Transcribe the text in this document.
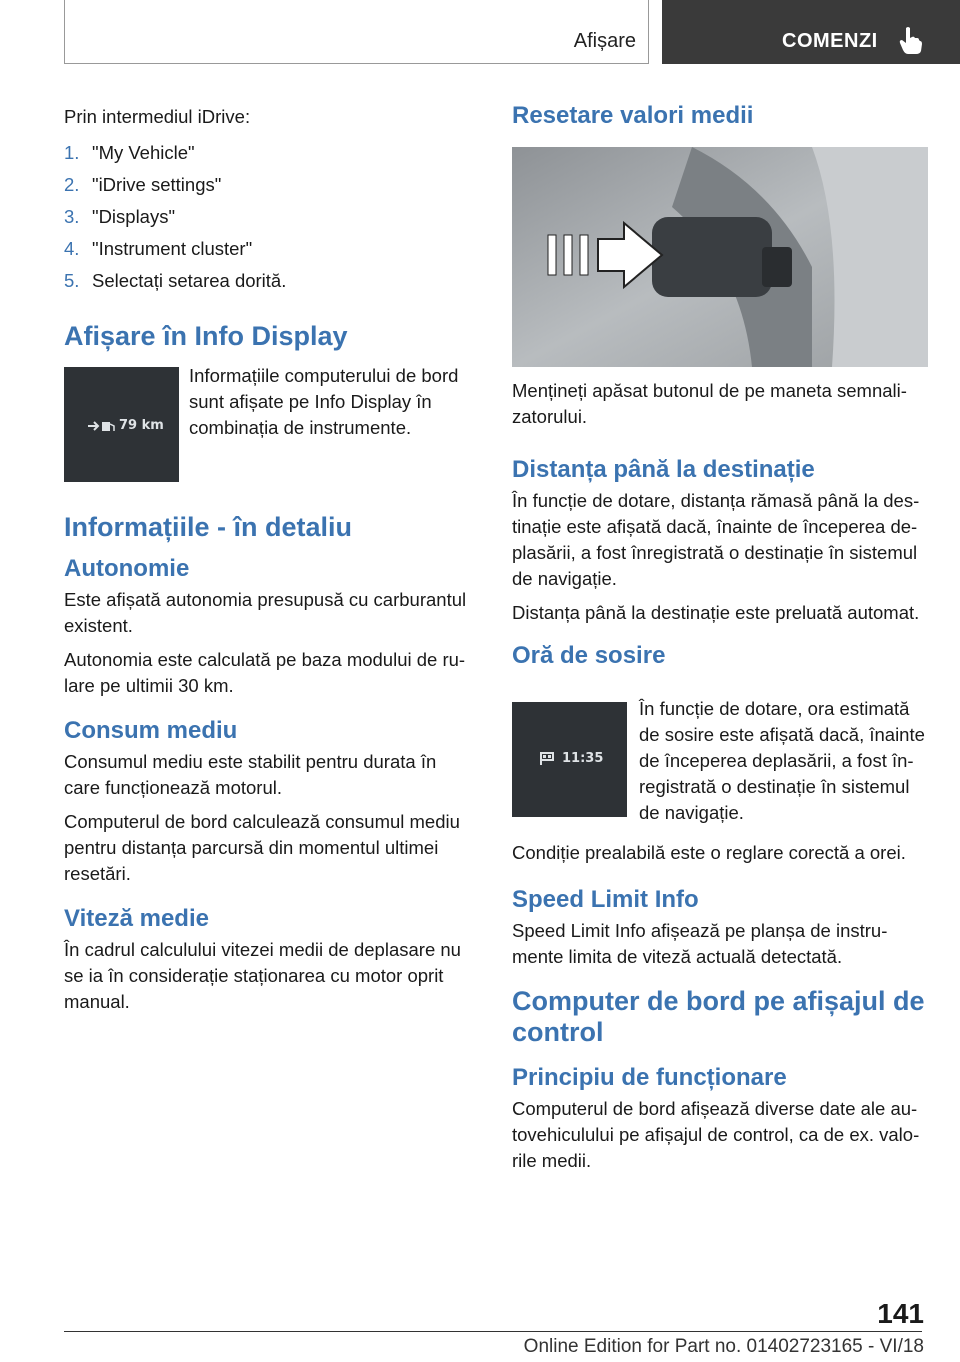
Afișare	COMENZI

Prin intermediul iDrive:

1. "My Vehicle"
2. "iDrive settings"
3. "Displays"
4. "Instrument cluster"
5. Selectați setarea dorită.
Afișare în Info Display
79 km

Informațiile computerului de bord sunt afișate pe Info Display în combinația de instrumente.

Informațiile - în detaliu
Autonomie

Este afișată autonomia presupusă cu carburantul existent.

Autonomia este calculată pe baza modului de ru-lare pe ultimii 30 km.

Consum mediu

Consumul mediu este stabilit pentru durata în care funcționează motorul.

Computerul de bord calculează consumul mediu pentru distanța parcursă din momentul ultimei resetări.

Viteză medie

În cadrul calculului vitezei medii de deplasare nu se ia în considerație staționarea cu motor oprit manual.

Resetare valori medii

Mențineți apăsat butonul de pe maneta semnali-zatorului.

Distanța până la destinație

În funcție de dotare, distanța rămasă până la des-tinație este afișată dacă, înainte de începerea de-plasării, a fost înregistrată o destinație în sistemul de navigație.

Distanța până la destinație este preluată automat.

Oră de sosire
11:35

În funcție de dotare, ora estimată de sosire este afișată dacă, înainte de începerea deplasării, a fost în-registrată o destinație în sistemul de navigație.

Condiție prealabilă este o reglare corectă a orei.

Speed Limit Info

Speed Limit Info afișează pe planșa de instru-mente limita de viteză actuală detectată.

Computer de bord pe afișajul de control
Principiu de funcționare

Computerul de bord afișează diverse date ale au-tovehiculului pe afișajul de control, ca de ex. valo-rile medii.

141
Online Edition for Part no. 01402723165 - VI/18
